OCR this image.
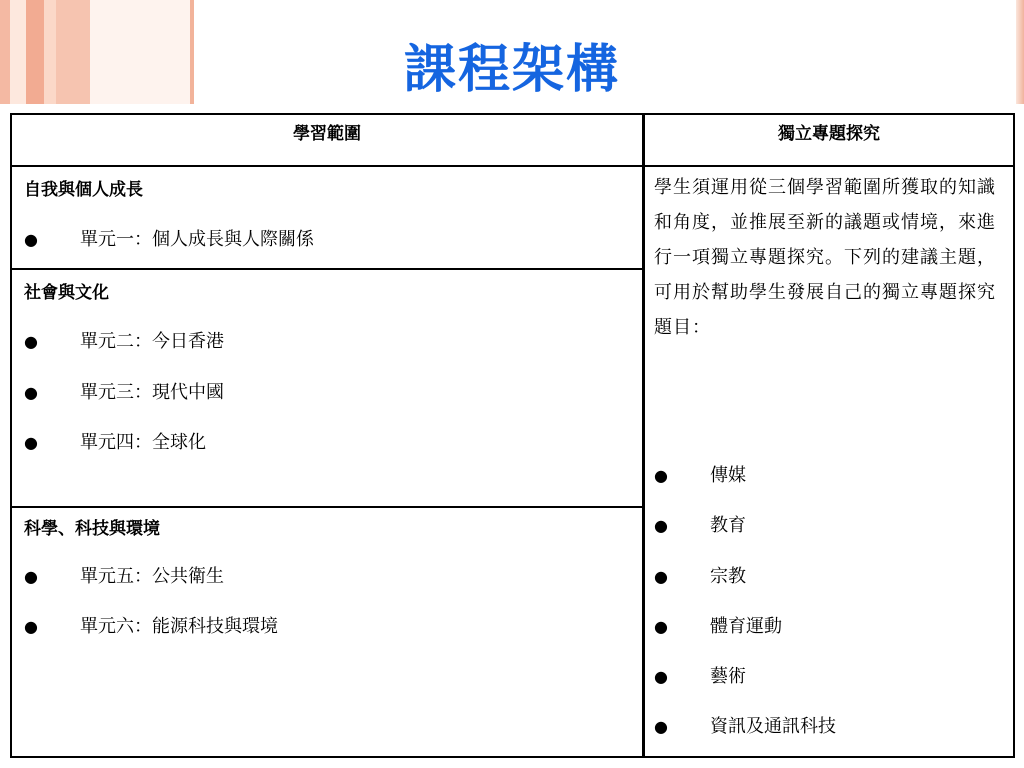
課程架構
學習範圍	獨立專題探究
自我與個人成長
● 單元一：個人成長與人際關係
社會與文化
● 單元二：今日香港
● 單元三：現代中國
● 單元四：全球化
科學、科技與環境
● 單元五：公共衛生
● 單元六：能源科技與環境
學生須運用從三個學習範圍所獲取的知識和角度，並推展至新的議題或情境，來進行一項獨立專題探究。下列的建議主題，可用於幫助學生發展自己的獨立專題探究題目：
● 傳媒
● 教育
● 宗教
● 體育運動
● 藝術
● 資訊及通訊科技
